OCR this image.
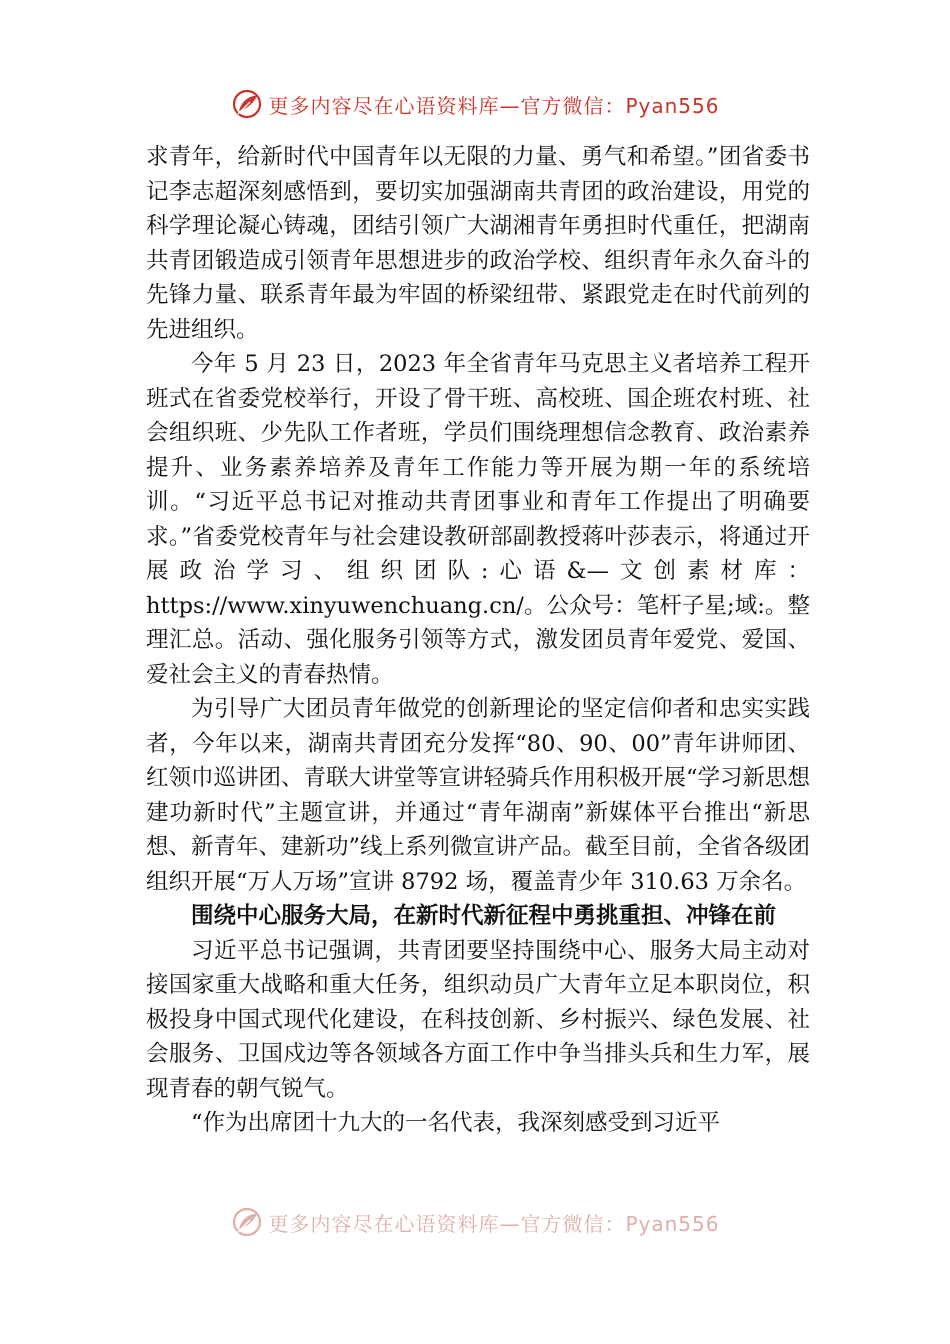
更多内容尽在心语资料库—官方微信：Pyan556

求青年，给新时代中国青年以无限的力量、勇气和希望。”团省委书记李志超深刻感悟到，要切实加强湖南共青团的政治建设，用党的科学理论凝心铸魂，团结引领广大湖湘青年勇担时代重任，把湖南共青团锻造成引领青年思想进步的政治学校、组织青年永久奋斗的先锋力量、联系青年最为牢固的桥梁纽带、紧跟党走在时代前列的先进组织。

今年 5 月 23 日，2023 年全省青年马克思主义者培养工程开班式在省委党校举行，开设了骨干班、高校班、国企班农村班、社会组织班、少先队工作者班，学员们围绕理想信念教育、政治素养提升、业务素养培养及青年工作能力等开展为期一年的系统培训。“习近平总书记对推动共青团事业和青年工作提出了明确要求。”省委党校青年与社会建设教研部副教授蒋叶莎表示，将通过开展政治学习、组织团队:心语&—文创素材库：https://www.xinyuwenchuang.cn/。公众号：笔杆子星;域:。整理汇总。活动、强化服务引领等方式，激发团员青年爱党、爱国、爱社会主义的青春热情。

为引导广大团员青年做党的创新理论的坚定信仰者和忠实实践者，今年以来，湖南共青团充分发挥“80、90、00”青年讲师团、红领巾巡讲团、青联大讲堂等宣讲轻骑兵作用积极开展“学习新思想 建功新时代”主题宣讲，并通过“青年湖南”新媒体平台推出“新思想、新青年、建新功”线上系列微宣讲产品。截至目前，全省各级团组织开展“万人万场”宣讲 8792 场，覆盖青少年 310.63 万余名。

围绕中心服务大局，在新时代新征程中勇挑重担、冲锋在前

习近平总书记强调，共青团要坚持围绕中心、服务大局主动对接国家重大战略和重大任务，组织动员广大青年立足本职岗位，积极投身中国式现代化建设，在科技创新、乡村振兴、绿色发展、社会服务、卫国戍边等各领域各方面工作中争当排头兵和生力军，展现青春的朝气锐气。

“作为出席团十九大的一名代表，我深刻感受到习近平

更多内容尽在心语资料库—官方微信：Pyan556
